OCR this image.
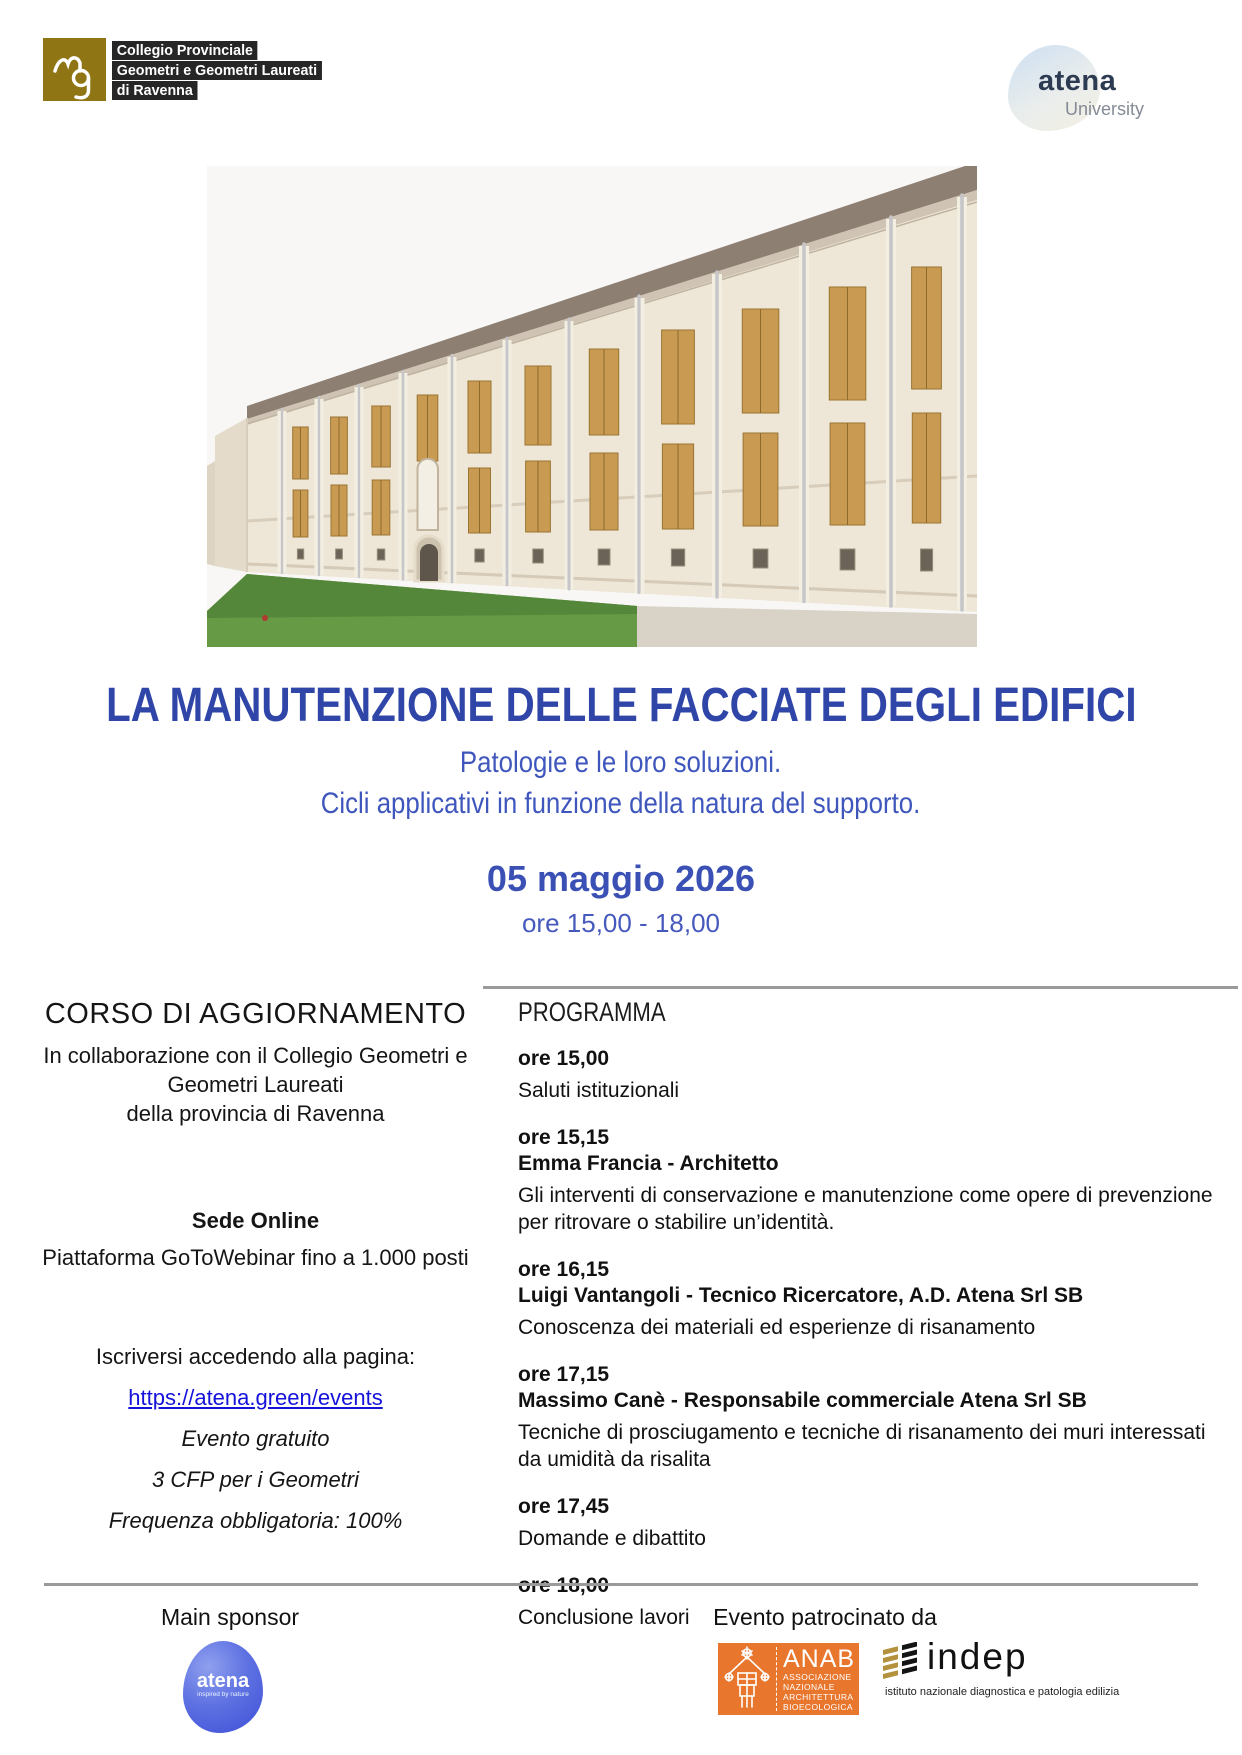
Collegio Provinciale
Geometri e Geometri Laureati
di Ravenna	atena
University
LA MANUTENZIONE DELLE FACCIATE DEGLI EDIFICI
Patologie e le loro soluzioni.
Cicli applicativi in funzione della natura del supporto.
05 maggio 2026
ore 15,00 - 18,00
CORSO DI AGGIORNAMENTO
In collaborazione con il Collegio Geometri e
Geometri Laureati
della provincia di Ravenna
Sede Online
Piattaforma GoToWebinar fino a 1.000 posti
Iscriversi accedendo alla pagina:
https://atena.green/events
Evento gratuito
3 CFP per i Geometri
Frequenza obbligatoria: 100%
PROGRAMMA
ore 15,00
Saluti istituzionali
ore 15,15
Emma Francia - Architetto
Gli interventi di conservazione e manutenzione come opere di prevenzione per ritrovare o stabilire un’identità.
ore 16,15
Luigi Vantangoli - Tecnico Ricercatore, A.D. Atena Srl SB
Conoscenza dei materiali ed esperienze di risanamento
ore 17,15
Massimo Canè - Responsabile commerciale Atena Srl SB
Tecniche di prosciugamento e tecniche di risanamento dei muri interessati da umidità da risalita
ore 17,45
Domande e dibattito
Conclusione lavori
Main sponsor
atena
inspired by nature
Evento patrocinato da
ANAB
ASSOCIAZIONE
NAZIONALE
ARCHITETTURA
BIOECOLOGICA
indep
istituto nazionale diagnostica e patologia edilizia
